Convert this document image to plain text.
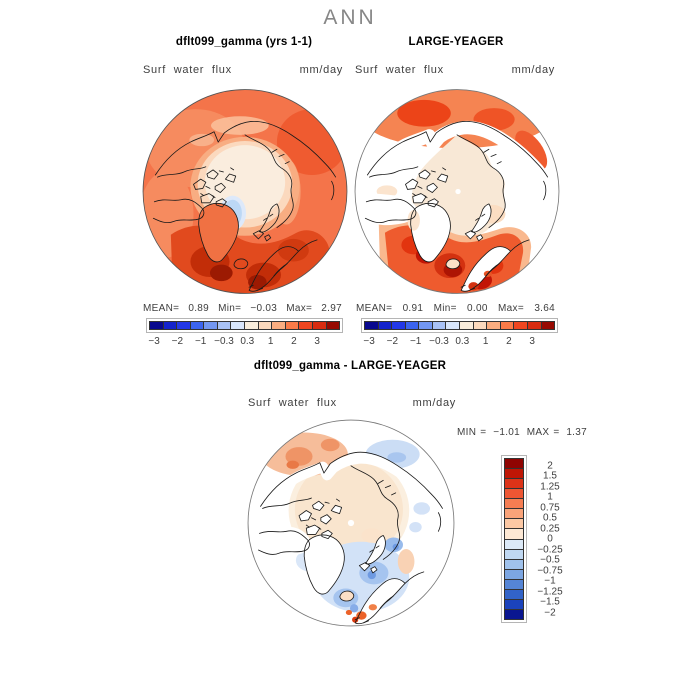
ANN
dflt099_gamma (yrs 1-1)
Surf water flux	mm/day
MEAN= 0.89 Min= −0.03 Max= 2.97
−3 −2 −1 −0.3 0.3 1 2 3
LARGE-YEAGER
Surf water flux	mm/day
MEAN= 0.91 Min= 0.00 Max= 3.64
−3 −2 −1 −0.3 0.3 1 2 3
dflt099_gamma - LARGE-YEAGER
Surf water flux	mm/day
MIN = −1.01 MAX = 1.37
2
1.5
1.25
1
0.75
0.5
0.25
0
−0.25
−0.5
−0.75
−1
−1.25
−1.5
−2
